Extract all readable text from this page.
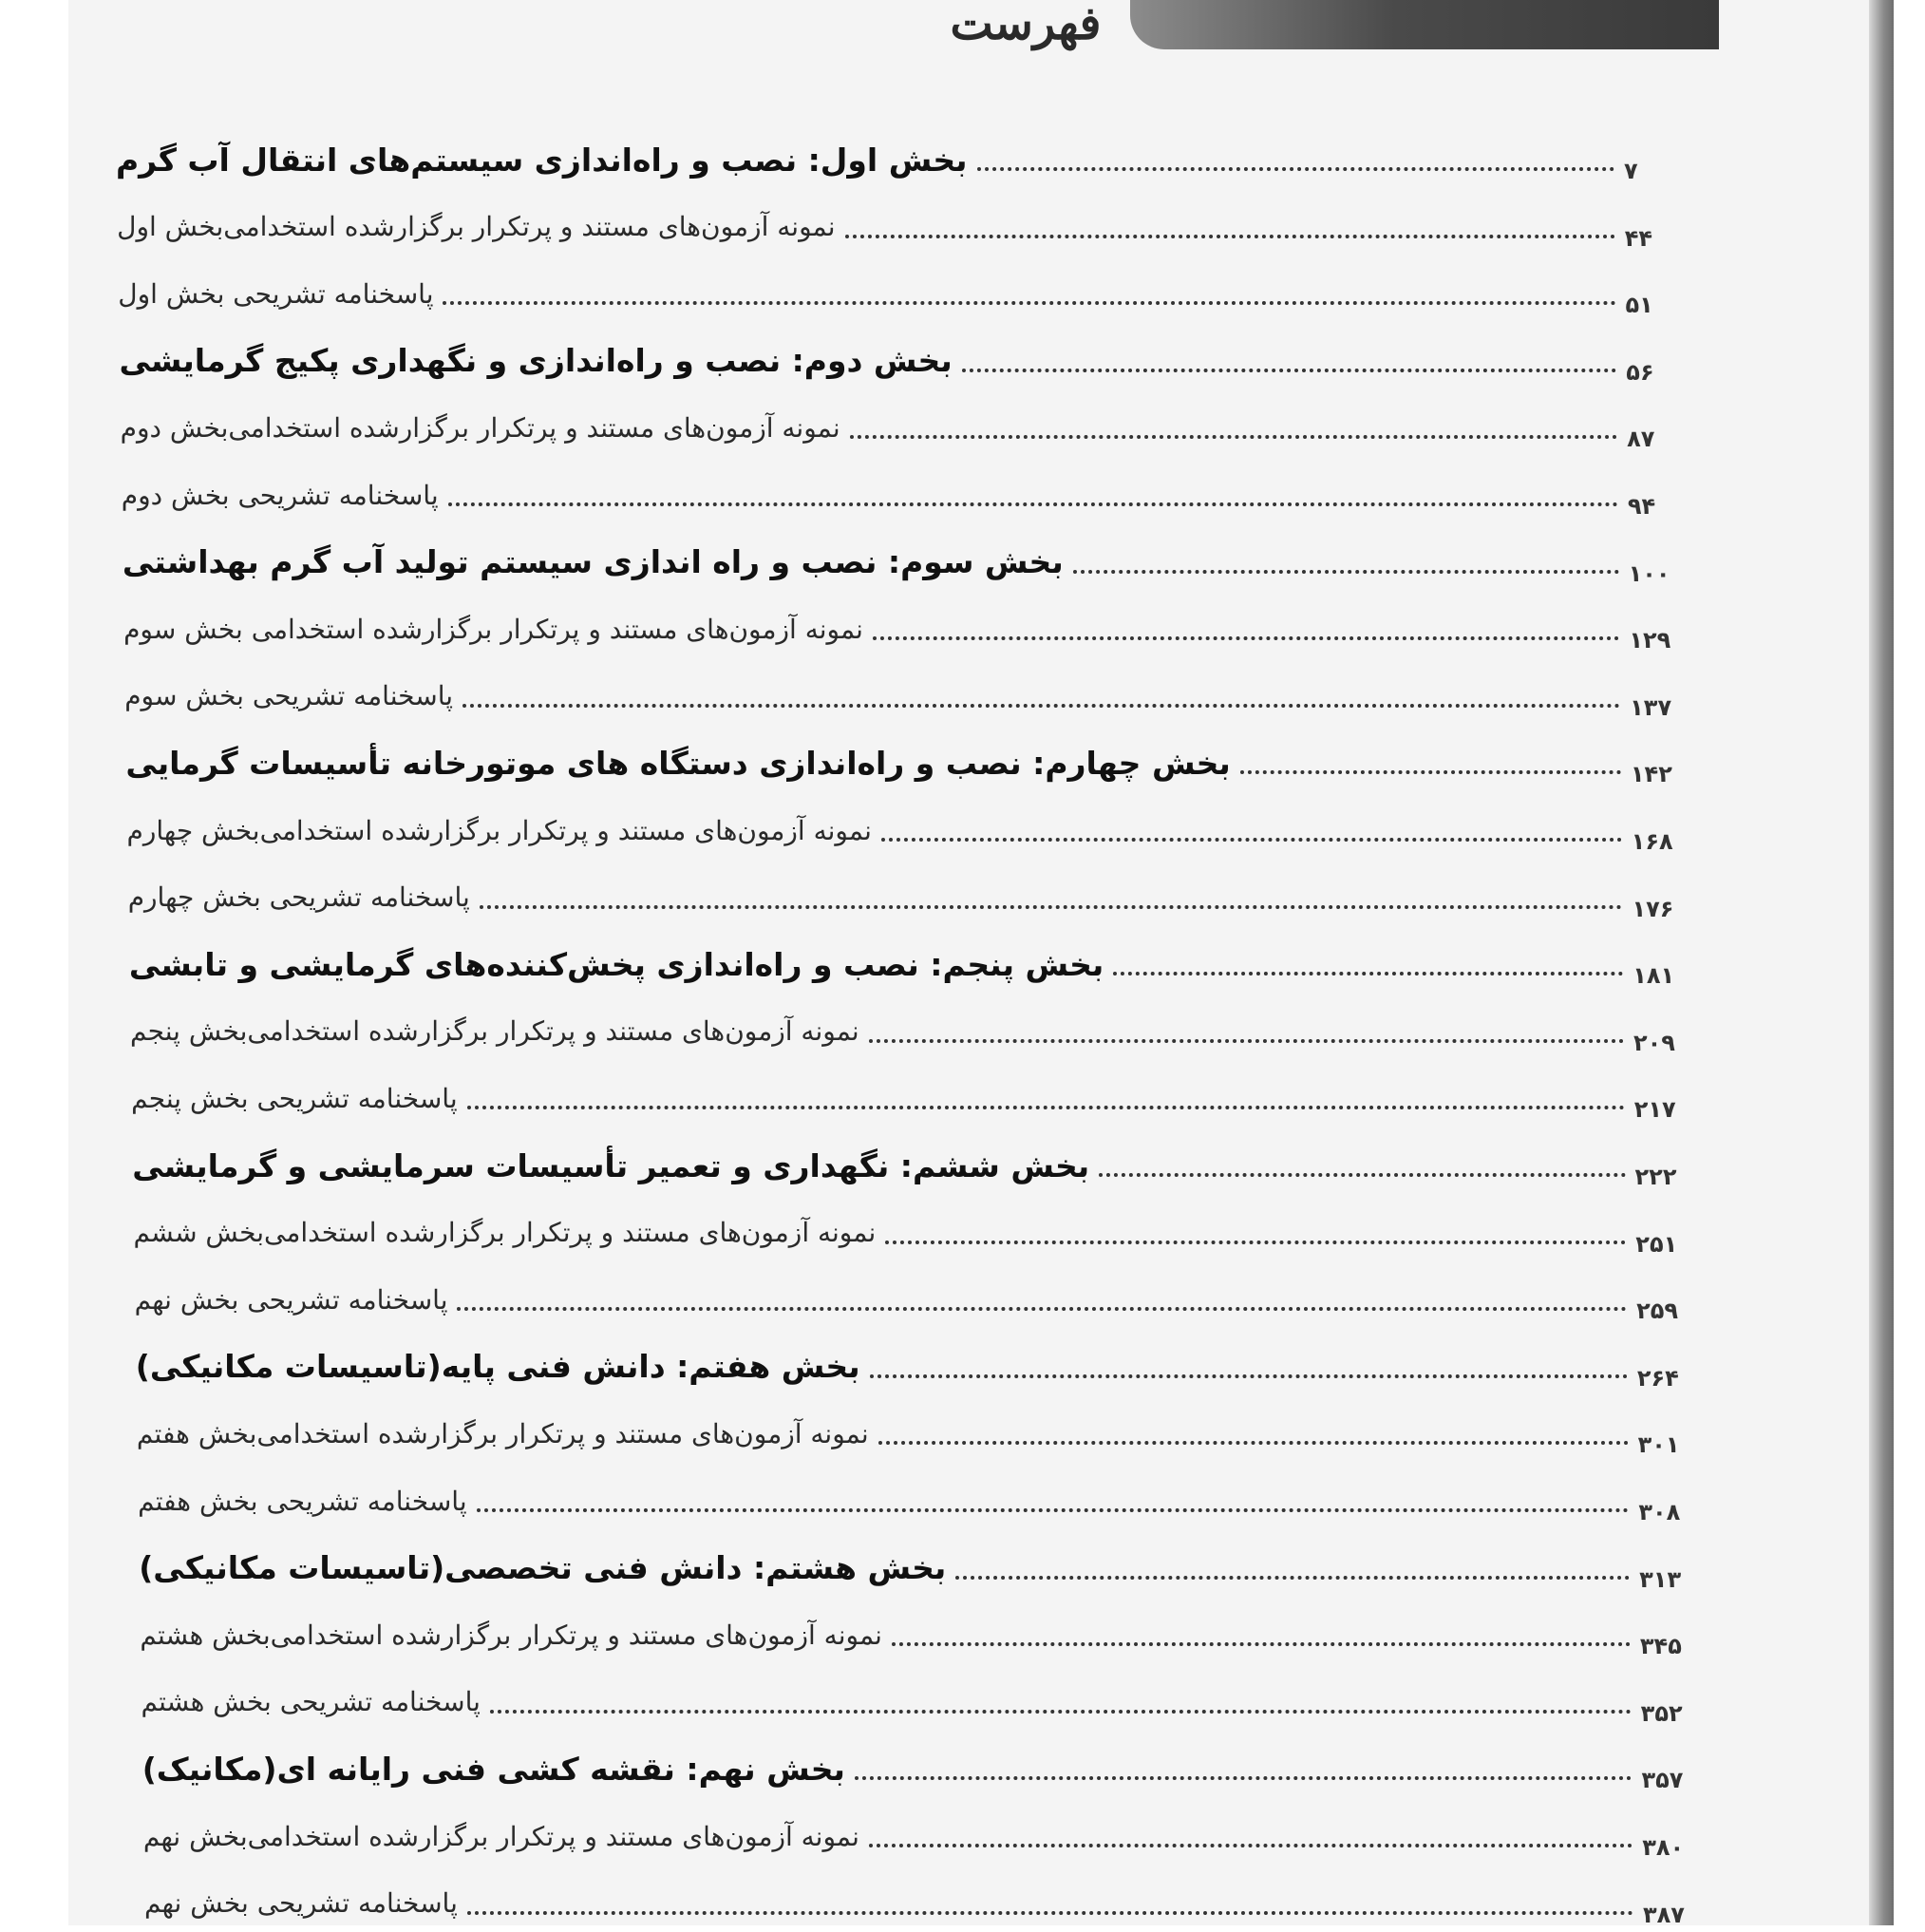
فهرست
بخش اول: نصب و راه‌اندازی سیستم‌های انتقال آب گرم	۷
نمونه آزمون‌های مستند و پرتکرار برگزارشده استخدامی‌بخش اول	۴۴
پاسخنامه تشریحی بخش اول	۵۱
بخش دوم: نصب و راه‌اندازی و نگهداری پکیج گرمایشی	۵۶
نمونه آزمون‌های مستند و پرتکرار برگزارشده استخدامی‌بخش دوم	۸۷
پاسخنامه تشریحی بخش دوم	۹۴
بخش سوم: نصب و راه اندازی سیستم تولید آب گرم بهداشتی	۱۰۰
نمونه آزمون‌های مستند و پرتکرار برگزارشده استخدامی بخش سوم	۱۲۹
پاسخنامه تشریحی بخش سوم	۱۳۷
بخش چهارم: نصب و راه‌اندازی دستگاه های موتورخانه تأسیسات گرمایی	۱۴۲
نمونه آزمون‌های مستند و پرتکرار برگزارشده استخدامی‌بخش چهارم	۱۶۸
پاسخنامه تشریحی بخش چهارم	۱۷۶
بخش پنجم: نصب و راه‌اندازی پخش‌کننده‌های گرمایشی و تابشی	۱۸۱
نمونه آزمون‌های مستند و پرتکرار برگزارشده استخدامی‌بخش پنجم	۲۰۹
پاسخنامه تشریحی بخش پنجم	۲۱۷
بخش ششم: نگهداری و تعمیر تأسیسات سرمایشی و گرمایشی	۲۲۲
نمونه آزمون‌های مستند و پرتکرار برگزارشده استخدامی‌بخش ششم	۲۵۱
پاسخنامه تشریحی بخش نهم	۲۵۹
بخش هفتم: دانش فنی پایه(تاسیسات مکانیکی)	۲۶۴
نمونه آزمون‌های مستند و پرتکرار برگزارشده استخدامی‌بخش هفتم	۳۰۱
پاسخنامه تشریحی بخش هفتم	۳۰۸
بخش هشتم: دانش فنی تخصصی(تاسیسات مکانیکی)	۳۱۳
نمونه آزمون‌های مستند و پرتکرار برگزارشده استخدامی‌بخش هشتم	۳۴۵
پاسخنامه تشریحی بخش هشتم	۳۵۲
بخش نهم: نقشه کشی فنی رایانه ای(مکانیک)	۳۵۷
نمونه آزمون‌های مستند و پرتکرار برگزارشده استخدامی‌بخش نهم	۳۸۰
پاسخنامه تشریحی بخش نهم	۳۸۷
